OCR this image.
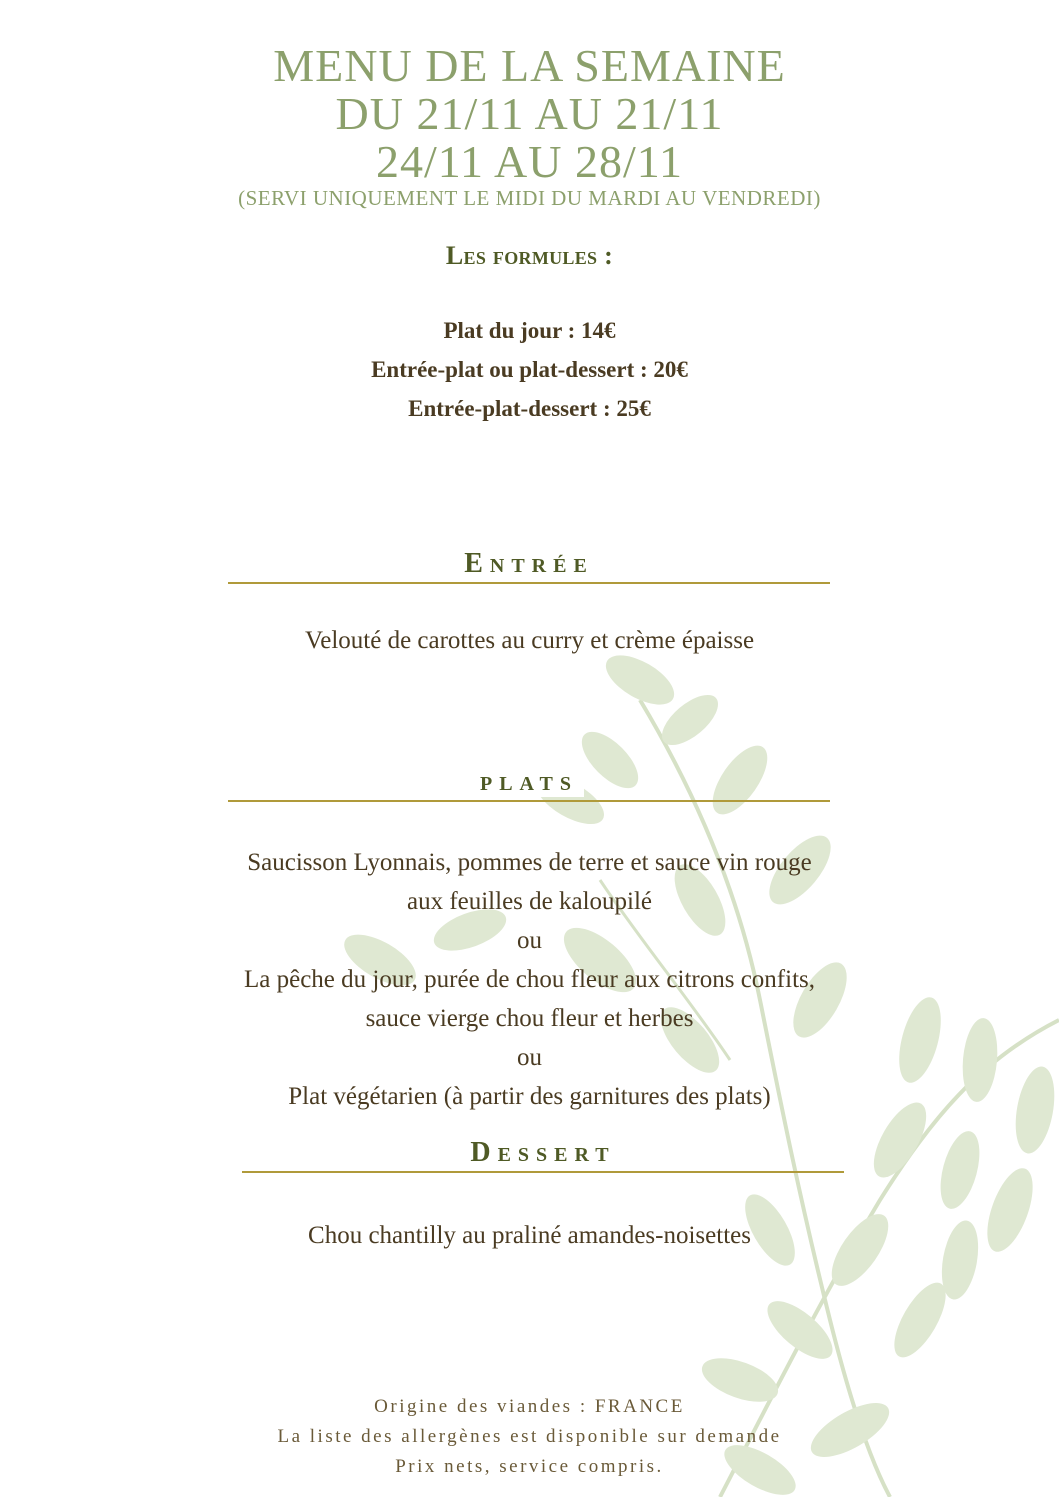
MENU DE LA SEMAINE

DU 21/11 AU 21/11

24/11 AU 28/11

(SERVI UNIQUEMENT LE MIDI DU MARDI AU VENDREDI)
Les formules :
Plat du jour : 14€
Entrée-plat ou plat-dessert : 20€
Entrée-plat-dessert : 25€
Entrée
Velouté de carottes au curry et crème épaisse
plats
Saucisson Lyonnais, pommes de terre et sauce vin rouge
aux feuilles de kaloupilé
ou
La pêche du jour, purée de chou fleur aux citrons confits,
sauce vierge chou fleur et herbes
ou
Plat végétarien (à partir des garnitures des plats)
Dessert
Chou chantilly au praliné amandes-noisettes
Origine des viandes : FRANCE
La liste des allergènes est disponible sur demande
Prix nets, service compris.
